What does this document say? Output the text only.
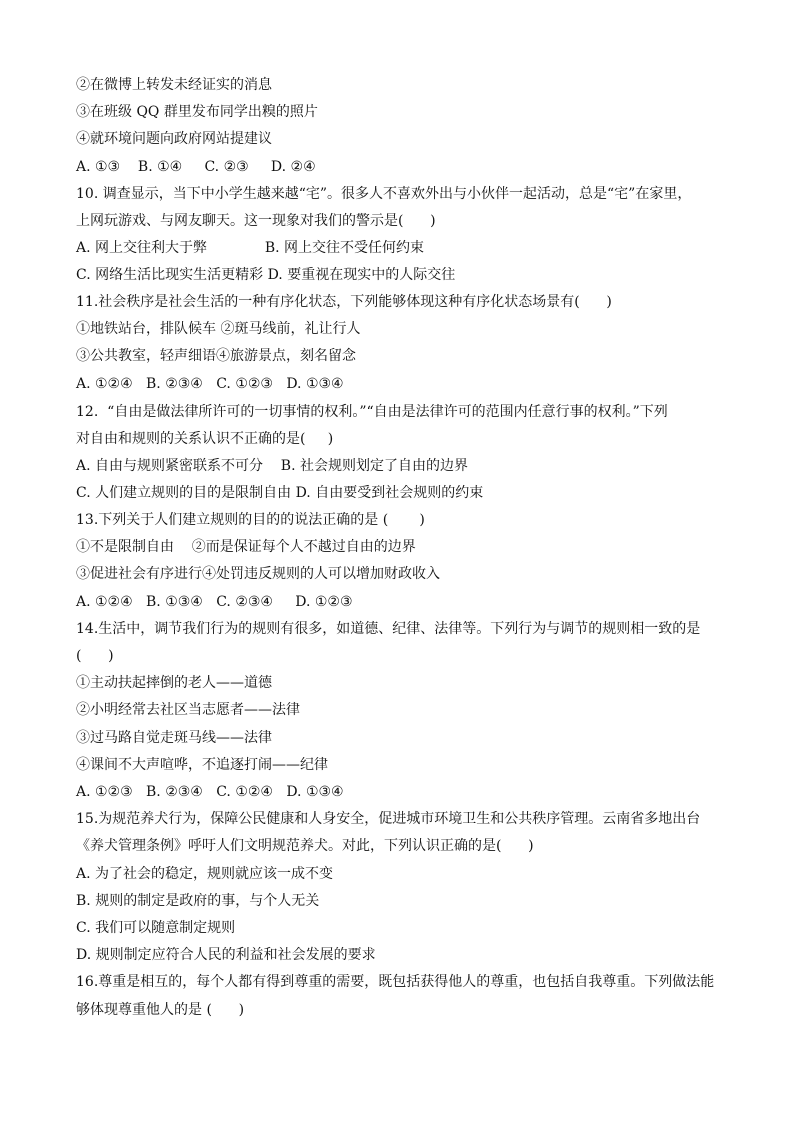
②在微博上转发未经证实的消息
③在班级 QQ 群里发布同学出糗的照片
④就环境问题向政府网站提建议
A. ①③    B. ①④     C. ②③     D. ②④
10. 调查显示，当下中小学生越来越“宅”。很多人不喜欢外出与小伙伴一起活动，总是“宅”在家里，
上网玩游戏、与网友聊天。这一现象对我们的警示是(      )
A. 网上交往利大于弊             B. 网上交往不受任何约束
C. 网络生活比现实生活更精彩 D. 要重视在现实中的人际交往
11.社会秩序是社会生活的一种有序化状态，下列能够体现这种有序化状态场景有(      )
①地铁站台，排队候车 ②斑马线前，礼让行人
③公共教室，轻声细语④旅游景点，刻名留念
A. ①②④   B. ②③④   C. ①②③   D. ①③④
12.  “自由是做法律所许可的一切事情的权利。”“自由是法律许可的范围内任意行事的权利。”下列
对自由和规则的关系认识不正确的是(     )
A. 自由与规则紧密联系不可分    B. 社会规则划定了自由的边界
C. 人们建立规则的目的是限制自由 D. 自由要受到社会规则的约束
13.下列关于人们建立规则的目的的说法正确的是 (       )
①不是限制自由    ②而是保证每个人不越过自由的边界
③促进社会有序进行④处罚违反规则的人可以增加财政收入
A. ①②④   B. ①③④   C. ②③④     D. ①②③
14.生活中，调节我们行为的规则有很多，如道德、纪律、法律等。下列行为与调节的规则相一致的是
(      )
①主动扶起摔倒的老人——道德
②小明经常去社区当志愿者——法律
③过马路自觉走斑马线——法律
④课间不大声喧哗，不追逐打闹——纪律
A. ①②③   B. ②③④   C. ①②④   D. ①③④
15.为规范养犬行为，保障公民健康和人身安全，促进城市环境卫生和公共秩序管理。云南省多地出台
《养犬管理条例》呼吁人们文明规范养犬。对此，下列认识正确的是(      )
A. 为了社会的稳定，规则就应该一成不变
B. 规则的制定是政府的事，与个人无关
C. 我们可以随意制定规则
D. 规则制定应符合人民的利益和社会发展的要求
16.尊重是相互的，每个人都有得到尊重的需要，既包括获得他人的尊重，也包括自我尊重。下列做法能
够体现尊重他人的是 (      )
